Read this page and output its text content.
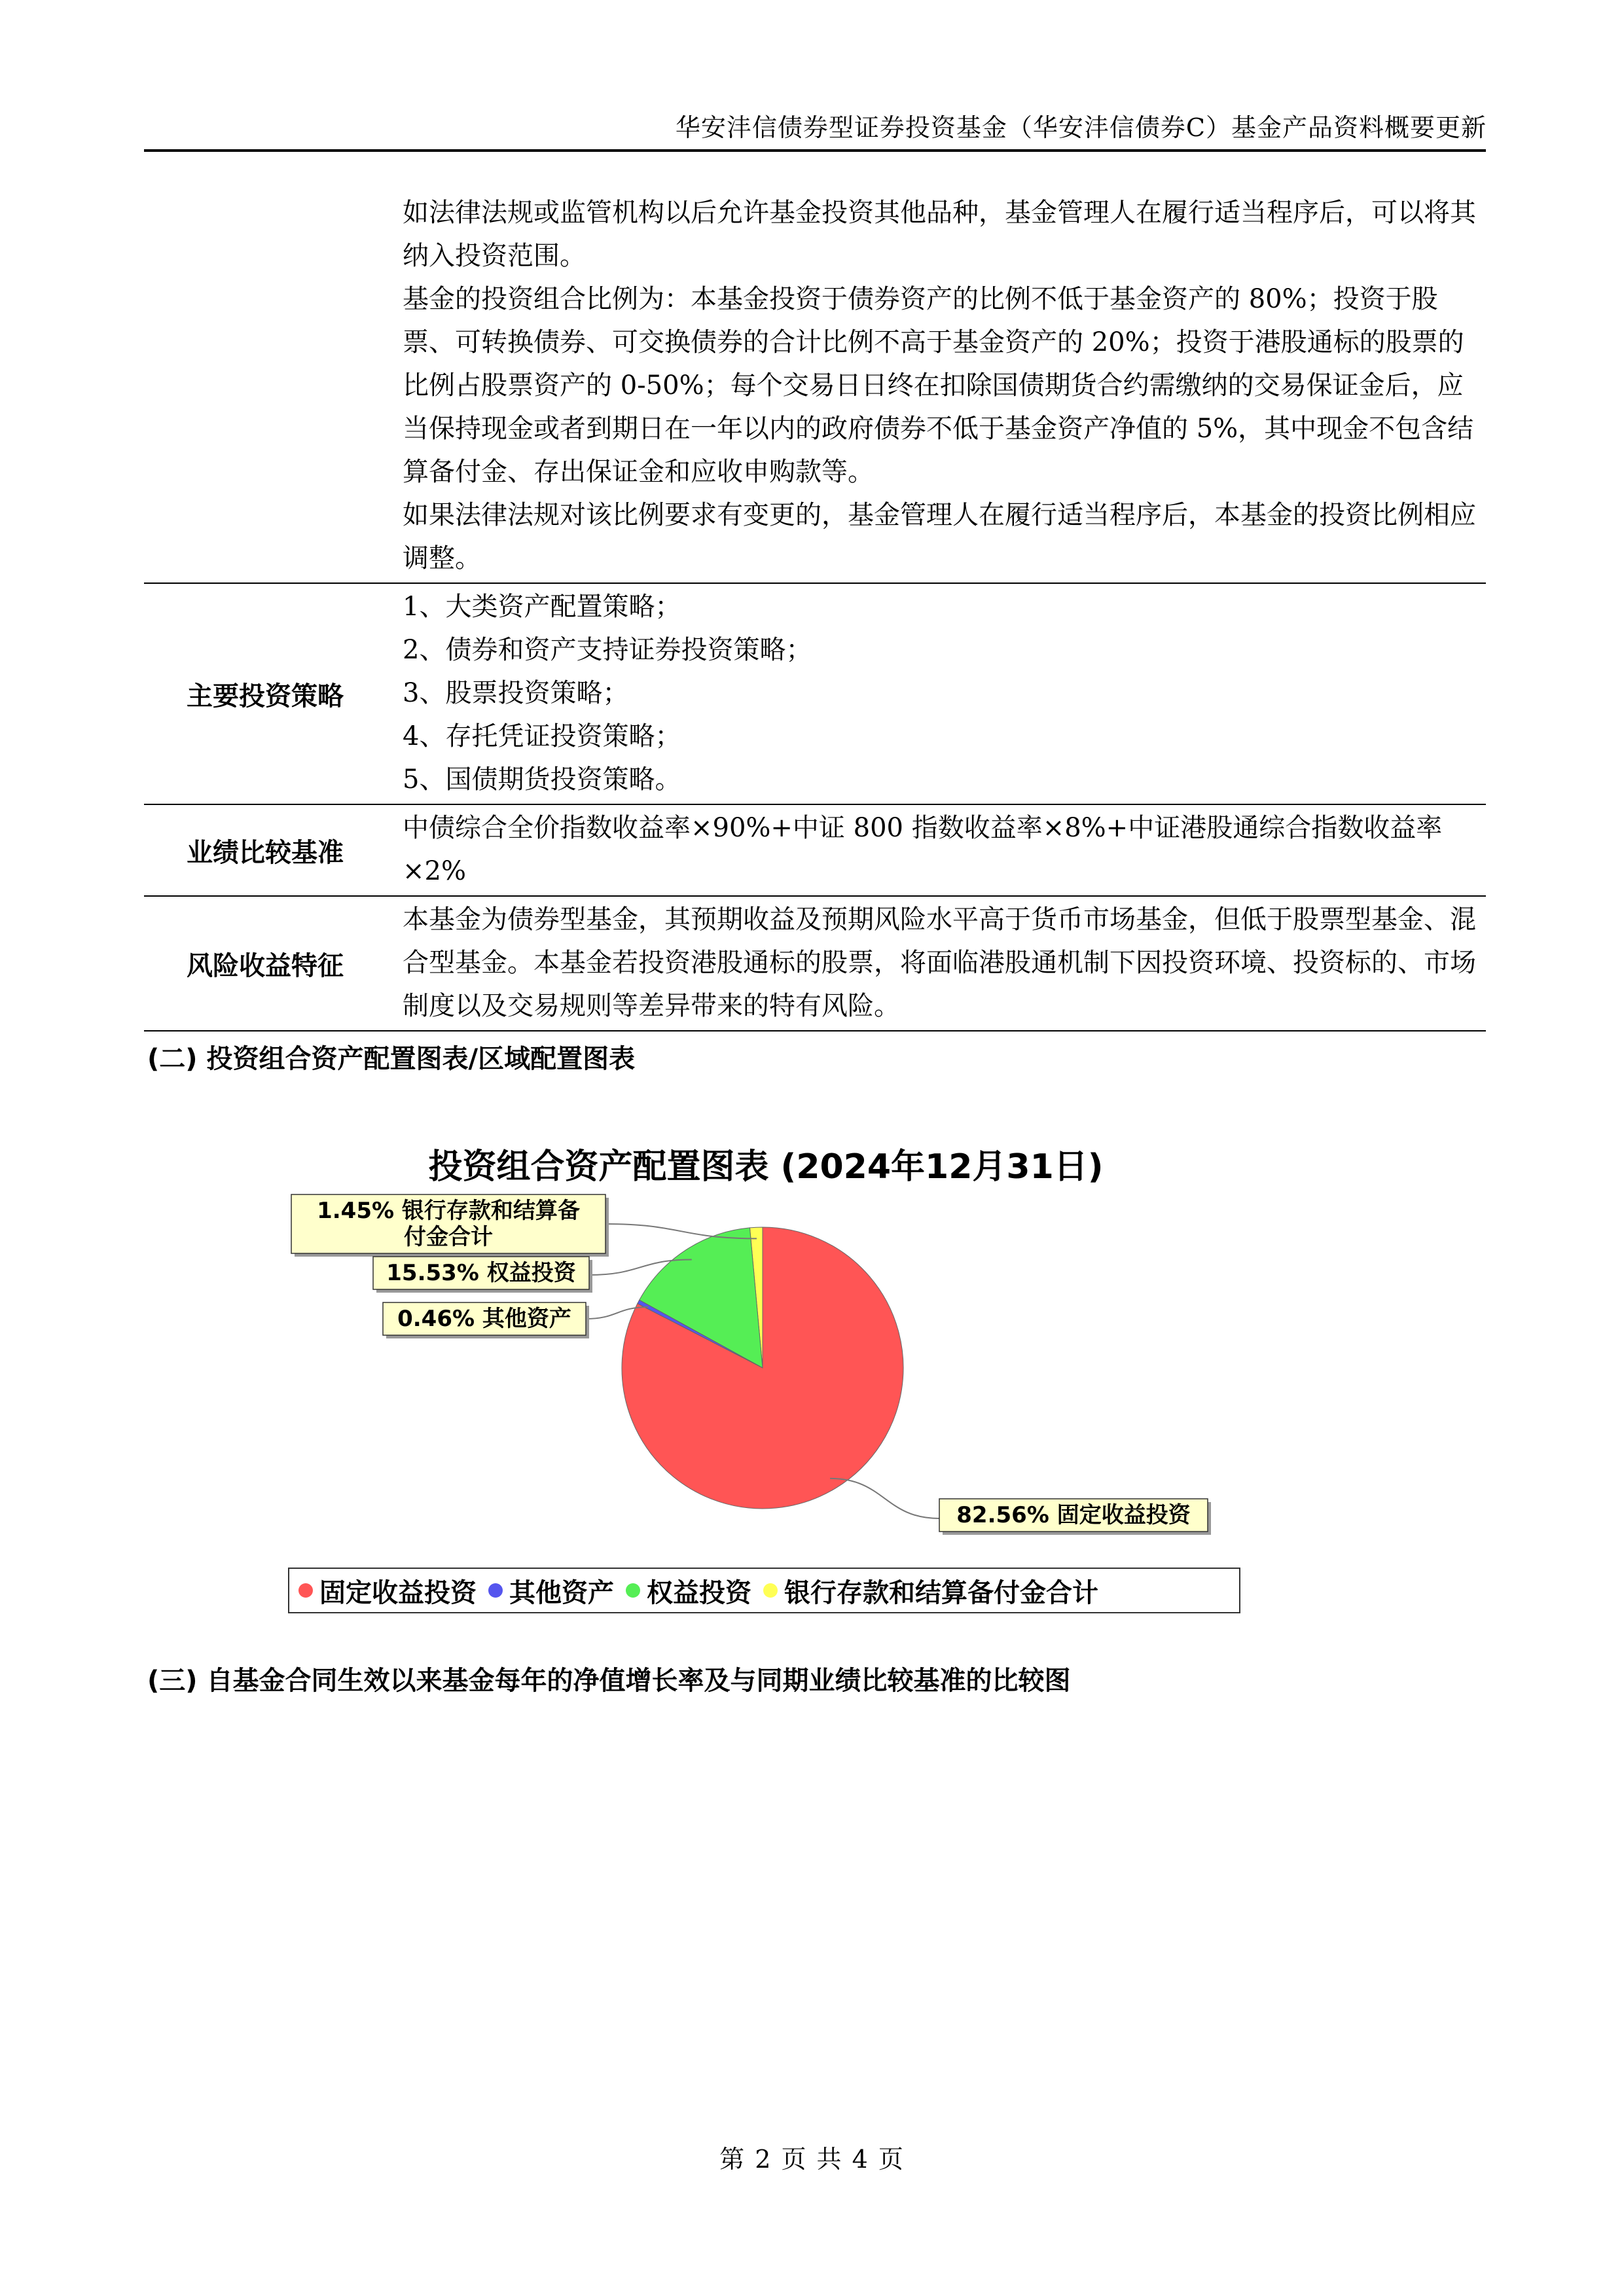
华安沣信债券型证券投资基金（华安沣信债券C）基金产品资料概要更新

如法律法规或监管机构以后允许基金投资其他品种，基金管理人在履行适当程序后，可以将其纳入投资范围。

基金的投资组合比例为：本基金投资于债券资产的比例不低于基金资产的 80%；投资于股票、可转换债券、可交换债券的合计比例不高于基金资产的 20%；投资于港股通标的股票的比例占股票资产的 0-50%；每个交易日日终在扣除国债期货合约需缴纳的交易保证金后，应当保持现金或者到期日在一年以内的政府债券不低于基金资产净值的 5%，其中现金不包含结算备付金、存出保证金和应收申购款等。

如果法律法规对该比例要求有变更的，基金管理人在履行适当程序后，本基金的投资比例相应调整。

主要投资策略

1、大类资产配置策略；

2、债券和资产支持证券投资策略；

3、股票投资策略；

4、存托凭证投资策略；

5、国债期货投资策略。

业绩比较基准

中债综合全价指数收益率×90%+中证 800 指数收益率×8%+中证港股通综合指数收益率×2%

风险收益特征

本基金为债券型基金，其预期收益及预期风险水平高于货币市场基金，但低于股票型基金、混合型基金。本基金若投资港股通标的股票，将面临港股通机制下因投资环境、投资标的、市场制度以及交易规则等差异带来的特有风险。

(二) 投资组合资产配置图表/区域配置图表
投资组合资产配置图表 (2024年12月31日)
1.45% 银行存款和结算备
付金合计
15.53% 权益投资
0.46% 其他资产
82.56% 固定收益投资
固定收益投资 其他资产 权益投资 银行存款和结算备付金合计
(三) 自基金合同生效以来基金每年的净值增长率及与同期业绩比较基准的比较图
第 2 页 共 4 页
